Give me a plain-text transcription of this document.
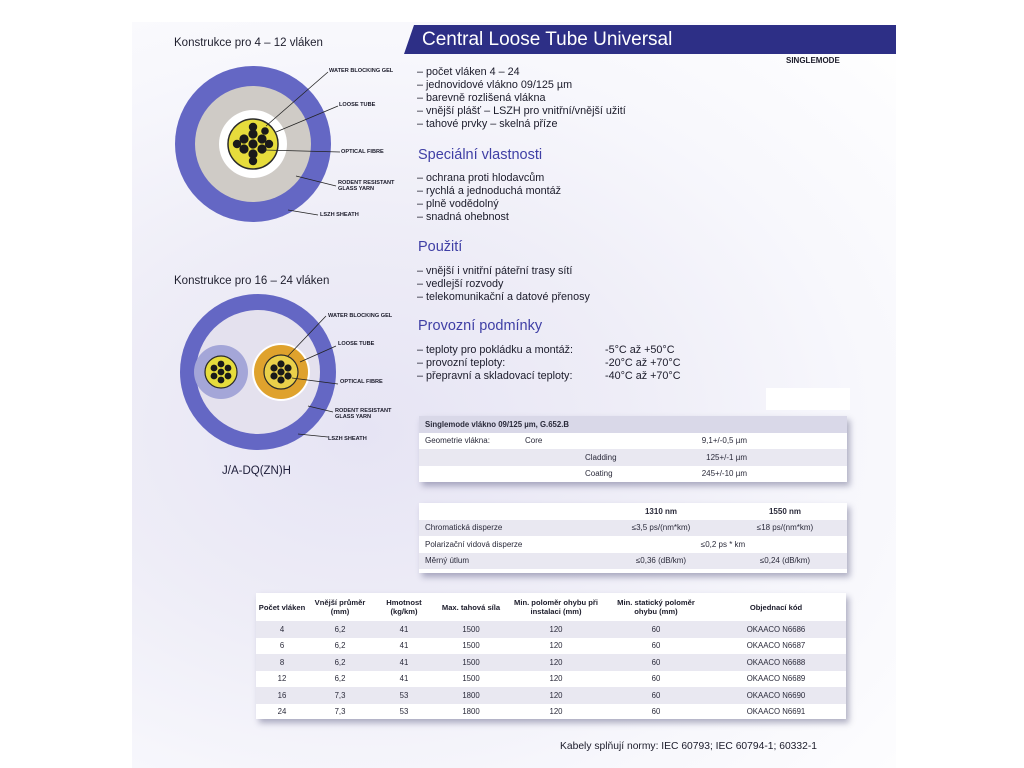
Konstrukce pro 4 – 12 vláken
WATER BLOCKING GEL
LOOSE TUBE
OPTICAL FIBRE
RODENT RESISTANT GLASS YARN
LSZH SHEATH
Konstrukce pro 16 – 24 vláken
WATER BLOCKING GEL
LOOSE TUBE
OPTICAL FIBRE
RODENT RESISTANT GLASS YARN
LSZH SHEATH
J/A-DQ(ZN)H
Central Loose Tube Universal
SINGLEMODE
– počet vláken 4 – 24
– jednovidové vlákno 09/125 µm
– barevně rozlišená vlákna
– vnější plášť – LSZH pro vnitřní/vnější užití
– tahové prvky – skelná příze
Speciální vlastnosti
– ochrana proti hlodavcům
– rychlá a jednoduchá montáž
– plně vodědolný
– snadná ohebnost
Použití
– vnější i vnitřní páteřní trasy sítí
– vedlejší rozvody
– telekomunikační a datové přenosy
Provozní podmínky
– teploty pro pokládku a montáž:	-5°C až +50°C
– provozní teploty:	-20°C až +70°C
– přepravní a skladovací teploty:	-40°C až +70°C
Singlemode vlákno 09/125 µm, G.652.B		
Geometrie vlákna:	Core	9,1+/-0,5 µm
	Cladding	125+/-1 µm
	Coating	245+/-10 µm
	1310 nm	1550 nm
Chromatická disperze	≤3,5 ps/(nm*km)	≤18 ps/(nm*km)
Polarizační vidová disperze	≤0,2 ps * km	
Měrný útlum	≤0,36 (dB/km)	≤0,24 (dB/km)
Počet vláken	Vnější průměr (mm)	Hmotnost (kg/km)	Max. tahová síla	Min. poloměr ohybu při instalaci (mm)	Min. statický poloměr ohybu (mm)	Objednací kód
4	6,2	41	1500	120	60	OKAACO N6686
6	6,2	41	1500	120	60	OKAACO N6687
8	6,2	41	1500	120	60	OKAACO N6688
12	6,2	41	1500	120	60	OKAACO N6689
16	7,3	53	1800	120	60	OKAACO N6690
24	7,3	53	1800	120	60	OKAACO N6691
Kabely splňují normy: IEC 60793; IEC 60794-1; 60332-1
